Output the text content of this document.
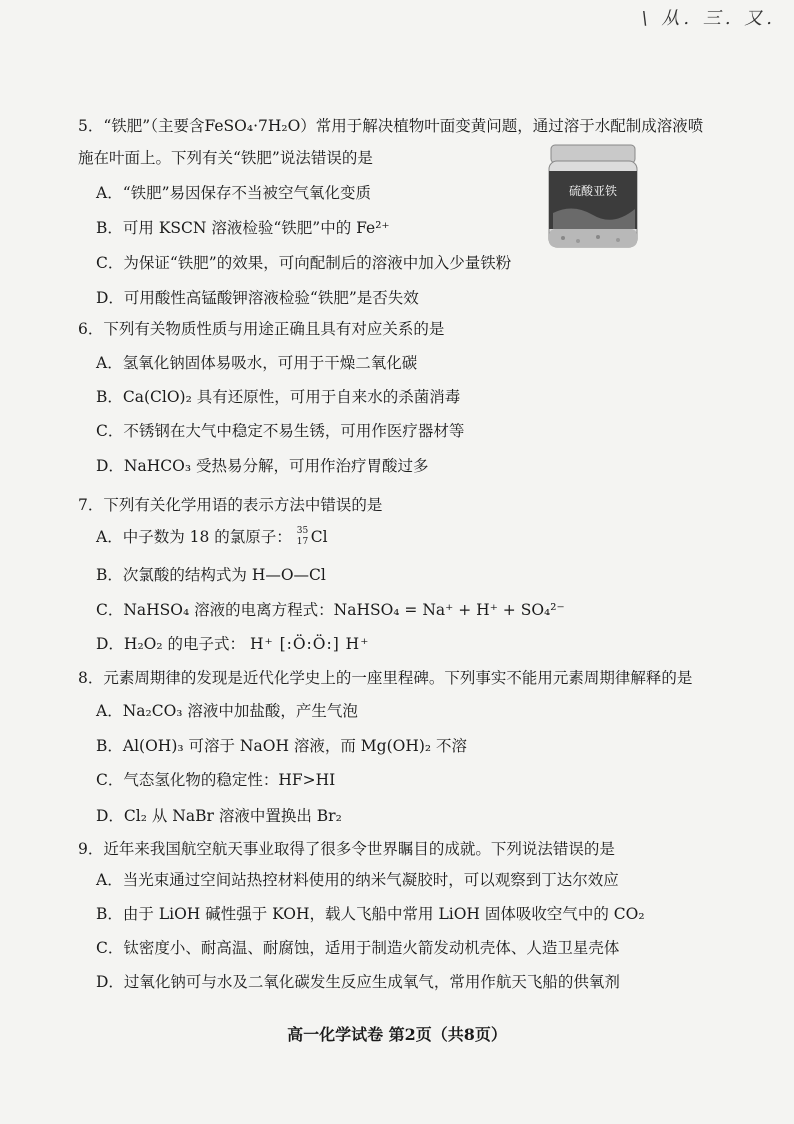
\ 从. 三. 又.
5．“铁肥”（主要含FeSO₄·7H₂O）常用于解决植物叶面变黄问题，通过溶于水配制成溶液喷
施在叶面上。下列有关“铁肥”说法错误的是
A．“铁肥”易因保存不当被空气氧化变质
B．可用 KSCN 溶液检验“铁肥”中的 Fe²⁺
C．为保证“铁肥”的效果，可向配制后的溶液中加入少量铁粉
D．可用酸性高锰酸钾溶液检验“铁肥”是否失效
硫酸亚铁
6．下列有关物质性质与用途正确且具有对应关系的是
A．氢氧化钠固体易吸水，可用于干燥二氧化碳
B．Ca(ClO)₂ 具有还原性，可用于自来水的杀菌消毒
C．不锈钢在大气中稳定不易生锈，可用作医疗器材等
D．NaHCO₃ 受热易分解，可用作治疗胃酸过多
7．下列有关化学用语的表示方法中错误的是
A．中子数为 18 的氯原子： 35
17 Cl
B．次氯酸的结构式为 H—O—Cl
C．NaHSO₄ 溶液的电离方程式：NaHSO₄ = Na⁺ + H⁺ + SO₄²⁻
D．H₂O₂ 的电子式： H⁺ [:Ö:Ö:] H⁺
8．元素周期律的发现是近代化学史上的一座里程碑。下列事实不能用元素周期律解释的是
A．Na₂CO₃ 溶液中加盐酸，产生气泡
B．Al(OH)₃ 可溶于 NaOH 溶液，而 Mg(OH)₂ 不溶
C．气态氢化物的稳定性：HF>HI
D．Cl₂ 从 NaBr 溶液中置换出 Br₂
9．近年来我国航空航天事业取得了很多令世界瞩目的成就。下列说法错误的是
A．当光束通过空间站热控材料使用的纳米气凝胶时，可以观察到丁达尔效应
B．由于 LiOH 碱性强于 KOH，载人飞船中常用 LiOH 固体吸收空气中的 CO₂
C．钛密度小、耐高温、耐腐蚀，适用于制造火箭发动机壳体、人造卫星壳体
D．过氧化钠可与水及二氧化碳发生反应生成氧气，常用作航天飞船的供氧剂
高一化学试卷 第2页（共8页）
